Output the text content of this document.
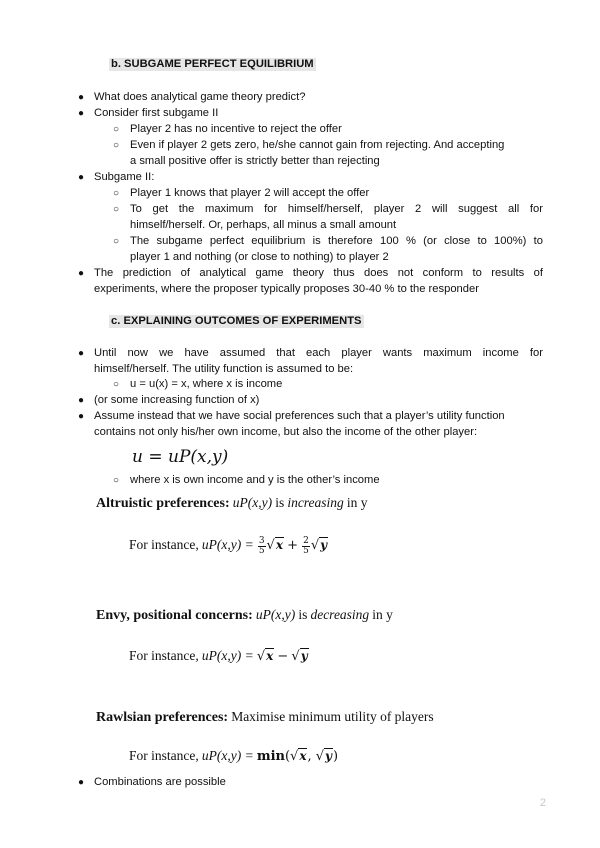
b. SUBGAME PERFECT EQUILIBRIUM
● What does analytical game theory predict?
● Consider first subgame II
○ Player 2 has no incentive to reject the offer
○ Even if player 2 gets zero, he/she cannot gain from rejecting. And accepting
a small positive offer is strictly better than rejecting
● Subgame II:
○ Player 1 knows that player 2 will accept the offer
○ To get the maximum for himself/herself, player 2 will suggest all for
himself/herself. Or, perhaps, all minus a small amount
○ The subgame perfect equilibrium is therefore 100 % (or close to 100%) to
player 1 and nothing (or close to nothing) to player 2
● The prediction of analytical game theory thus does not conform to results of
experiments, where the proposer typically proposes 30-40 % to the responder
c. EXPLAINING OUTCOMES OF EXPERIMENTS
● Until now we have assumed that each player wants maximum income for
himself/herself. The utility function is assumed to be:
○ u = u(x) = x, where x is income
● (or some increasing function of x)
● Assume instead that we have social preferences such that a player’s utility function
contains not only his/her own income, but also the income of the other player:
u = uP(x,y)
○ where x is own income and y is the other’s income
Altruistic preferences: uP(x,y) is increasing in y
For instance, $uP(x,y) = \frac{3}{5} √x + \frac{2}{5} √y$
Envy, positional concerns: uP(x,y) is decreasing in y
For instance, uP(x,y) = √x − √y
Rawlsian preferences: Maximise minimum utility of players
For instance, uP(x,y) = min(√x, √y)
● Combinations are possible
2
